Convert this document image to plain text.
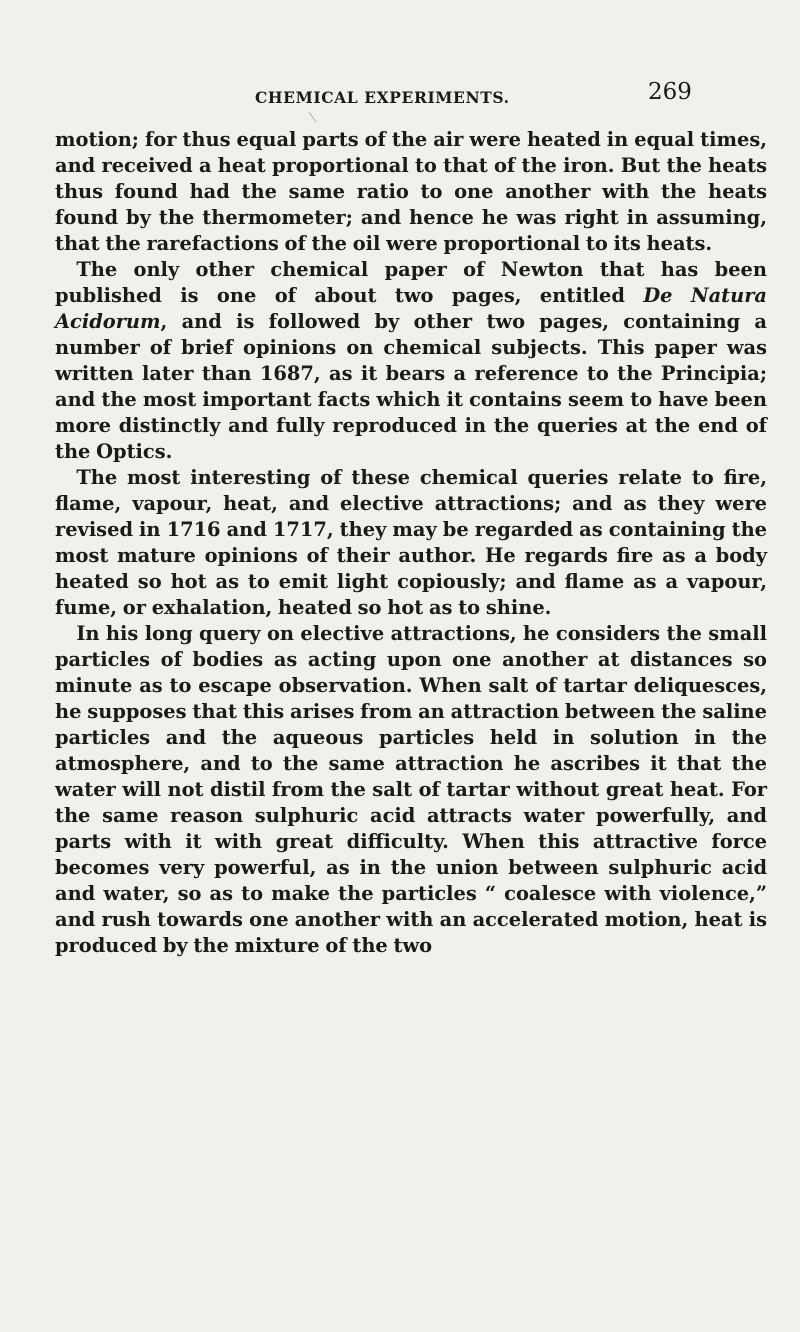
CHEMICAL EXPERIMENTS.	269

motion; for thus equal parts of the air were heated in equal times, and received a heat proportional to that of the iron. But the heats thus found had the same ratio to one another with the heats found by the thermometer; and hence he was right in assuming, that the rarefactions of the oil were proportional to its heats.

The only other chemical paper of Newton that has been published is one of about two pages, entitled De Natura Acidorum, and is followed by other two pages, containing a number of brief opinions on chemical subjects. This paper was written later than 1687, as it bears a reference to the Principia; and the most important facts which it contains seem to have been more distinctly and fully reproduced in the queries at the end of the Optics.

The most interesting of these chemical queries relate to fire, flame, vapour, heat, and elective attractions; and as they were revised in 1716 and 1717, they may be regarded as containing the most mature opinions of their author. He regards fire as a body heated so hot as to emit light copiously; and flame as a vapour, fume, or exhalation, heated so hot as to shine.

In his long query on elective attractions, he considers the small particles of bodies as acting upon one another at distances so minute as to escape observation. When salt of tartar deliquesces, he supposes that this arises from an attraction between the saline particles and the aqueous particles held in solution in the atmosphere, and to the same attraction he ascribes it that the water will not distil from the salt of tartar without great heat. For the same reason sulphuric acid attracts water powerfully, and parts with it with great difficulty. When this attractive force becomes very powerful, as in the union between sulphuric acid and water, so as to make the particles “ coalesce with violence,” and rush towards one another with an accelerated motion, heat is produced by the mixture of the two
